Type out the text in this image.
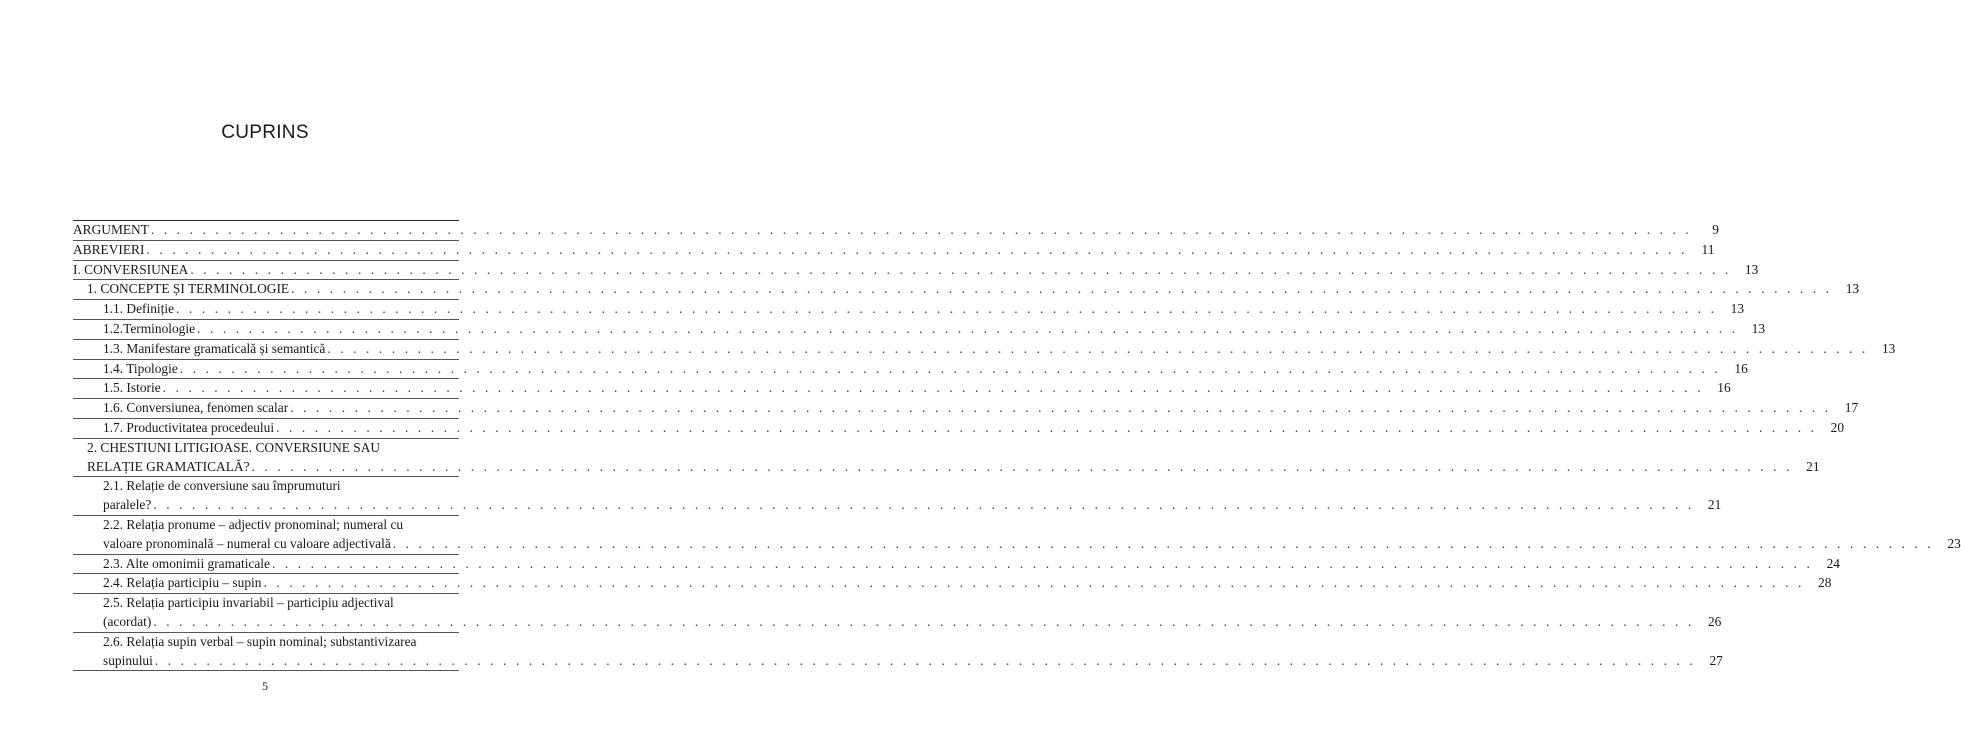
CUPRINS
ARGUMENT . . . . . . . . . . . . . . . . . . . . . . . . . . . . . . . . . . . . . . . . . . . . . . . . . . . . . . . . . . . . . . . . . . . . . . . . . . . . . . . . . . . . . . . . . . . . . . . . . . . . . . . . . . . . . . . . . . . . . . . .	9
ABREVIERI . . . . . . . . . . . . . . . . . . . . . . . . . . . . . . . . . . . . . . . . . . . . . . . . . . . . . . . . . . . . . . . . . . . . . . . . . . . . . . . . . . . . . . . . . . . . . . . . . . . . . . . . . . . . . . . . . . . . . . . .	11
I. CONVERSIUNEA . . . . . . . . . . . . . . . . . . . . . . . . . . . . . . . . . . . . . . . . . . . . . . . . . . . . . . . . . . . . . . . . . . . . . . . . . . . . . . . . . . . . . . . . . . . . . . . . . . . . . . . . . . . . . . . . . . . . . . . .	13
1. CONCEPTE ȘI TERMINOLOGIE . . . . . . . . . . . . . . . . . . . . . . . . . . . . . . . . . . . . . . . . . . . . . . . . . . . . . . . . . . . . . . . . . . . . . . . . . . . . . . . . . . . . . . . . . . . . . . . . . . . . . . . . . . . . . . . . . . . . . . . .	13
1.1. Definiție . . . . . . . . . . . . . . . . . . . . . . . . . . . . . . . . . . . . . . . . . . . . . . . . . . . . . . . . . . . . . . . . . . . . . . . . . . . . . . . . . . . . . . . . . . . . . . . . . . . . . . . . . . . . . . . . . . . . . . . .	13
1.2.Terminologie . . . . . . . . . . . . . . . . . . . . . . . . . . . . . . . . . . . . . . . . . . . . . . . . . . . . . . . . . . . . . . . . . . . . . . . . . . . . . . . . . . . . . . . . . . . . . . . . . . . . . . . . . . . . . . . . . . . . . . . .	13
1.3. Manifestare gramaticală și semantică . . . . . . . . . . . . . . . . . . . . . . . . . . . . . . . . . . . . . . . . . . . . . . . . . . . . . . . . . . . . . . . . . . . . . . . . . . . . . . . . . . . . . . . . . . . . . . . . . . . . . . . . . . . . . . . . . . . . . . . .	13
1.4. Tipologie . . . . . . . . . . . . . . . . . . . . . . . . . . . . . . . . . . . . . . . . . . . . . . . . . . . . . . . . . . . . . . . . . . . . . . . . . . . . . . . . . . . . . . . . . . . . . . . . . . . . . . . . . . . . . . . . . . . . . . . .	16
1.5. Istorie . . . . . . . . . . . . . . . . . . . . . . . . . . . . . . . . . . . . . . . . . . . . . . . . . . . . . . . . . . . . . . . . . . . . . . . . . . . . . . . . . . . . . . . . . . . . . . . . . . . . . . . . . . . . . . . . . . . . . . . .	16
1.6. Conversiunea, fenomen scalar . . . . . . . . . . . . . . . . . . . . . . . . . . . . . . . . . . . . . . . . . . . . . . . . . . . . . . . . . . . . . . . . . . . . . . . . . . . . . . . . . . . . . . . . . . . . . . . . . . . . . . . . . . . . . . . . . . . . . . . .	17
1.7. Productivitatea procedeului . . . . . . . . . . . . . . . . . . . . . . . . . . . . . . . . . . . . . . . . . . . . . . . . . . . . . . . . . . . . . . . . . . . . . . . . . . . . . . . . . . . . . . . . . . . . . . . . . . . . . . . . . . . . . . . . . . . . . . . .	20
2. CHESTIUNI LITIGIOASE. CONVERSIUNE SAU
RELAȚIE GRAMATICALĂ? . . . . . . . . . . . . . . . . . . . . . . . . . . . . . . . . . . . . . . . . . . . . . . . . . . . . . . . . . . . . . . . . . . . . . . . . . . . . . . . . . . . . . . . . . . . . . . . . . . . . . . . . . . . . . . . . . . . . . . . .	21
2.1. Relație de conversiune sau împrumuturi
paralele? . . . . . . . . . . . . . . . . . . . . . . . . . . . . . . . . . . . . . . . . . . . . . . . . . . . . . . . . . . . . . . . . . . . . . . . . . . . . . . . . . . . . . . . . . . . . . . . . . . . . . . . . . . . . . . . . . . . . . . . .	21
2.2. Relația pronume – adjectiv pronominal; numeral cu
valoare pronominală – numeral cu valoare adjectivală . . . . . . . . . . . . . . . . . . . . . . . . . . . . . . . . . . . . . . . . . . . . . . . . . . . . . . . . . . . . . . . . . . . . . . . . . . . . . . . . . . . . . . . . . . . . . . . . . . . . . . . . . . . . . . . . . . . . . . . .	23
2.3. Alte omonimii gramaticale . . . . . . . . . . . . . . . . . . . . . . . . . . . . . . . . . . . . . . . . . . . . . . . . . . . . . . . . . . . . . . . . . . . . . . . . . . . . . . . . . . . . . . . . . . . . . . . . . . . . . . . . . . . . . . . . . . . . . . . .	24
2.4. Relația participiu – supin . . . . . . . . . . . . . . . . . . . . . . . . . . . . . . . . . . . . . . . . . . . . . . . . . . . . . . . . . . . . . . . . . . . . . . . . . . . . . . . . . . . . . . . . . . . . . . . . . . . . . . . . . . . . . . . . . . . . . . . .	28
2.5. Relația participiu invariabil – participiu adjectival
(acordat) . . . . . . . . . . . . . . . . . . . . . . . . . . . . . . . . . . . . . . . . . . . . . . . . . . . . . . . . . . . . . . . . . . . . . . . . . . . . . . . . . . . . . . . . . . . . . . . . . . . . . . . . . . . . . . . . . . . . . . . .	26
2.6. Relația supin verbal – supin nominal; substantivizarea
supinului . . . . . . . . . . . . . . . . . . . . . . . . . . . . . . . . . . . . . . . . . . . . . . . . . . . . . . . . . . . . . . . . . . . . . . . . . . . . . . . . . . . . . . . . . . . . . . . . . . . . . . . . . . . . . . . . . . . . . . . .	27
5
